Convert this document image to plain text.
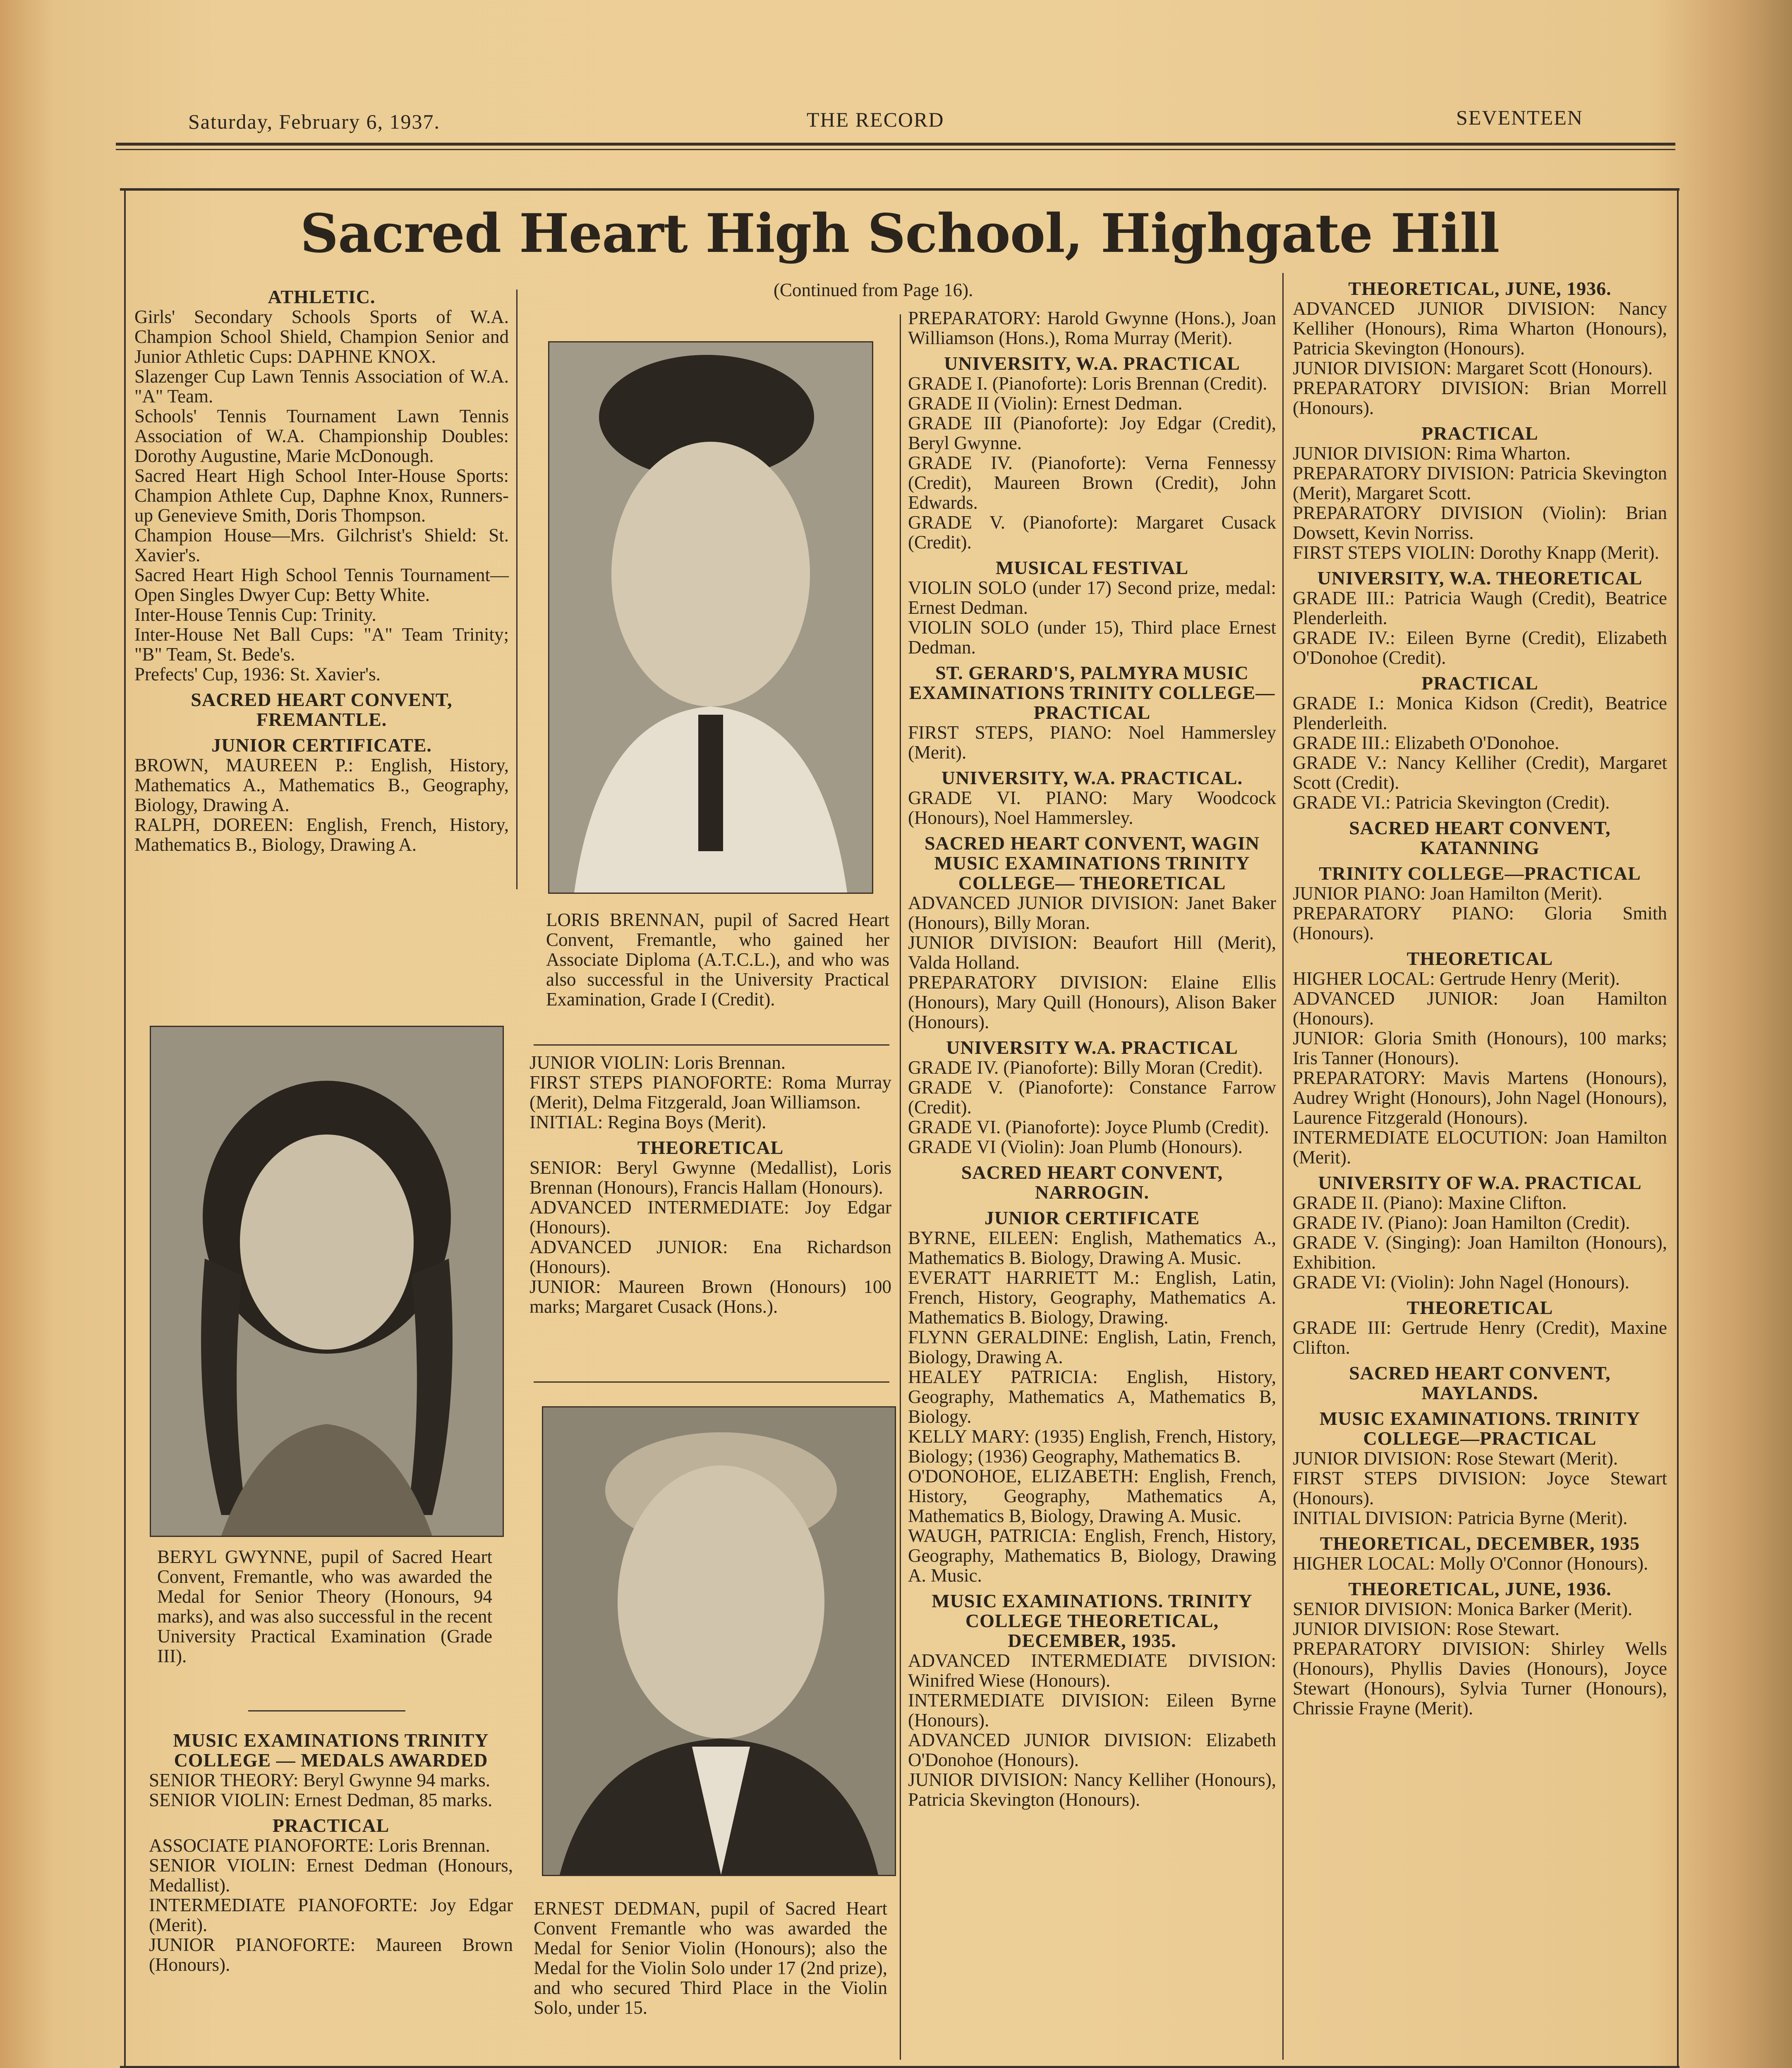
Saturday, February 6, 1937.	THE RECORD	SEVENTEEN
Sacred Heart High School, Highgate Hill
ATHLETIC.
Girls' Secondary Schools Sports of W.A. Champion School Shield, Champion Senior and Junior Athletic Cups: DAPHNE KNOX.
Slazenger Cup Lawn Tennis Association of W.A. "A" Team.
Schools' Tennis Tournament Lawn Tennis Association of W.A. Championship Doubles: Dorothy Augustine, Marie McDonough.
Sacred Heart High School Inter-House Sports: Champion Athlete Cup, Daphne Knox, Runners-up Genevieve Smith, Doris Thompson.
Champion House—Mrs. Gilchrist's Shield: St. Xavier's.
Sacred Heart High School Tennis Tournament—Open Singles Dwyer Cup: Betty White.
Inter-House Tennis Cup: Trinity.
Inter-House Net Ball Cups: "A" Team Trinity; "B" Team, St. Bede's.
Prefects' Cup, 1936: St. Xavier's.
SACRED HEART CONVENT, FREMANTLE.
JUNIOR CERTIFICATE.
BROWN, MAUREEN P.: English, History, Mathematics A., Mathematics B., Geography, Biology, Drawing A.
RALPH, DOREEN: English, French, History, Mathematics B., Biology, Drawing A.
BERYL GWYNNE, pupil of Sacred Heart Convent, Fremantle, who was awarded the Medal for Senior Theory (Honours, 94 marks), and was also successful in the recent University Practical Examination (Grade III).
MUSIC EXAMINATIONS TRINITY COLLEGE — MEDALS AWARDED
SENIOR THEORY: Beryl Gwynne 94 marks.
SENIOR VIOLIN: Ernest Dedman, 85 marks.
PRACTICAL
ASSOCIATE PIANOFORTE: Loris Brennan.
SENIOR VIOLIN: Ernest Dedman (Honours, Medallist).
INTERMEDIATE PIANOFORTE: Joy Edgar (Merit).
JUNIOR PIANOFORTE: Maureen Brown (Honours).
(Continued from Page 16).
LORIS BRENNAN, pupil of Sacred Heart Convent, Fremantle, who gained her Associate Diploma (A.T.C.L.), and who was also successful in the University Practical Examination, Grade I (Credit).
JUNIOR VIOLIN: Loris Brennan.
FIRST STEPS PIANOFORTE: Roma Murray (Merit), Delma Fitzgerald, Joan Williamson.
INITIAL: Regina Boys (Merit).
THEORETICAL
SENIOR: Beryl Gwynne (Medallist), Loris Brennan (Honours), Francis Hallam (Honours).
ADVANCED INTERMEDIATE: Joy Edgar (Honours).
ADVANCED JUNIOR: Ena Richardson (Honours).
JUNIOR: Maureen Brown (Honours) 100 marks; Margaret Cusack (Hons.).
ERNEST DEDMAN, pupil of Sacred Heart Convent Fremantle who was awarded the Medal for Senior Violin (Honours); also the Medal for the Violin Solo under 17 (2nd prize), and who secured Third Place in the Violin Solo, under 15.
PREPARATORY: Harold Gwynne (Hons.), Joan Williamson (Hons.), Roma Murray (Merit).
UNIVERSITY, W.A. PRACTICAL
GRADE I. (Pianoforte): Loris Brennan (Credit).
GRADE II (Violin): Ernest Dedman.
GRADE III (Pianoforte): Joy Edgar (Credit), Beryl Gwynne.
GRADE IV. (Pianoforte): Verna Fennessy (Credit), Maureen Brown (Credit), John Edwards.
GRADE V. (Pianoforte): Margaret Cusack (Credit).
MUSICAL FESTIVAL
VIOLIN SOLO (under 17) Second prize, medal: Ernest Dedman.
VIOLIN SOLO (under 15), Third place Ernest Dedman.
ST. GERARD'S, PALMYRA MUSIC EXAMINATIONS TRINITY COLLEGE—PRACTICAL
FIRST STEPS, PIANO: Noel Hammersley (Merit).
UNIVERSITY, W.A. PRACTICAL.
GRADE VI. PIANO: Mary Woodcock (Honours), Noel Hammersley.
SACRED HEART CONVENT, WAGIN MUSIC EXAMINATIONS TRINITY COLLEGE— THEORETICAL
ADVANCED JUNIOR DIVISION: Janet Baker (Honours), Billy Moran.
JUNIOR DIVISION: Beaufort Hill (Merit), Valda Holland.
PREPARATORY DIVISION: Elaine Ellis (Honours), Mary Quill (Honours), Alison Baker (Honours).
UNIVERSITY W.A. PRACTICAL
GRADE IV. (Pianoforte): Billy Moran (Credit).
GRADE V. (Pianoforte): Constance Farrow (Credit).
GRADE VI. (Pianoforte): Joyce Plumb (Credit).
GRADE VI (Violin): Joan Plumb (Honours).
SACRED HEART CONVENT, NARROGIN.
JUNIOR CERTIFICATE
BYRNE, EILEEN: English, Mathematics A., Mathematics B. Biology, Drawing A. Music.
EVERATT HARRIETT M.: English, Latin, French, History, Geography, Mathematics A. Mathematics B. Biology, Drawing.
FLYNN GERALDINE: English, Latin, French, Biology, Drawing A.
HEALEY PATRICIA: English, History, Geography, Mathematics A, Mathematics B, Biology.
KELLY MARY: (1935) English, French, History, Biology; (1936) Geography, Mathematics B.
O'DONOHOE, ELIZABETH: English, French, History, Geography, Mathematics A, Mathematics B, Biology, Drawing A. Music.
WAUGH, PATRICIA: English, French, History, Geography, Mathematics B, Biology, Drawing A. Music.
MUSIC EXAMINATIONS. TRINITY COLLEGE THEORETICAL, DECEMBER, 1935.
ADVANCED INTERMEDIATE DIVISION: Winifred Wiese (Honours).
INTERMEDIATE DIVISION: Eileen Byrne (Honours).
ADVANCED JUNIOR DIVISION: Elizabeth O'Donohoe (Honours).
JUNIOR DIVISION: Nancy Kelliher (Honours), Patricia Skevington (Honours).
THEORETICAL, JUNE, 1936.
ADVANCED JUNIOR DIVISION: Nancy Kelliher (Honours), Rima Wharton (Honours), Patricia Skevington (Honours).
JUNIOR DIVISION: Margaret Scott (Honours).
PREPARATORY DIVISION: Brian Morrell (Honours).
PRACTICAL
JUNIOR DIVISION: Rima Wharton.
PREPARATORY DIVISION: Patricia Skevington (Merit), Margaret Scott.
PREPARATORY DIVISION (Violin): Brian Dowsett, Kevin Norriss.
FIRST STEPS VIOLIN: Dorothy Knapp (Merit).
UNIVERSITY, W.A. THEORETICAL
GRADE III.: Patricia Waugh (Credit), Beatrice Plenderleith.
GRADE IV.: Eileen Byrne (Credit), Elizabeth O'Donohoe (Credit).
PRACTICAL
GRADE I.: Monica Kidson (Credit), Beatrice Plenderleith.
GRADE III.: Elizabeth O'Donohoe.
GRADE V.: Nancy Kelliher (Credit), Margaret Scott (Credit).
GRADE VI.: Patricia Skevington (Credit).
SACRED HEART CONVENT, KATANNING
TRINITY COLLEGE—PRACTICAL
JUNIOR PIANO: Joan Hamilton (Merit).
PREPARATORY PIANO: Gloria Smith (Honours).
THEORETICAL
HIGHER LOCAL: Gertrude Henry (Merit).
ADVANCED JUNIOR: Joan Hamilton (Honours).
JUNIOR: Gloria Smith (Honours), 100 marks; Iris Tanner (Honours).
PREPARATORY: Mavis Martens (Honours), Audrey Wright (Honours), John Nagel (Honours), Laurence Fitzgerald (Honours).
INTERMEDIATE ELOCUTION: Joan Hamilton (Merit).
UNIVERSITY OF W.A. PRACTICAL
GRADE II. (Piano): Maxine Clifton.
GRADE IV. (Piano): Joan Hamilton (Credit).
GRADE V. (Singing): Joan Hamilton (Honours), Exhibition.
GRADE VI: (Violin): John Nagel (Honours).
THEORETICAL
GRADE III: Gertrude Henry (Credit), Maxine Clifton.
SACRED HEART CONVENT, MAYLANDS.
MUSIC EXAMINATIONS. TRINITY COLLEGE—PRACTICAL
JUNIOR DIVISION: Rose Stewart (Merit).
FIRST STEPS DIVISION: Joyce Stewart (Honours).
INITIAL DIVISION: Patricia Byrne (Merit).
THEORETICAL, DECEMBER, 1935
HIGHER LOCAL: Molly O'Connor (Honours).
THEORETICAL, JUNE, 1936.
SENIOR DIVISION: Monica Barker (Merit).
JUNIOR DIVISION: Rose Stewart.
PREPARATORY DIVISION: Shirley Wells (Honours), Phyllis Davies (Honours), Joyce Stewart (Honours), Sylvia Turner (Honours), Chrissie Frayne (Merit).
